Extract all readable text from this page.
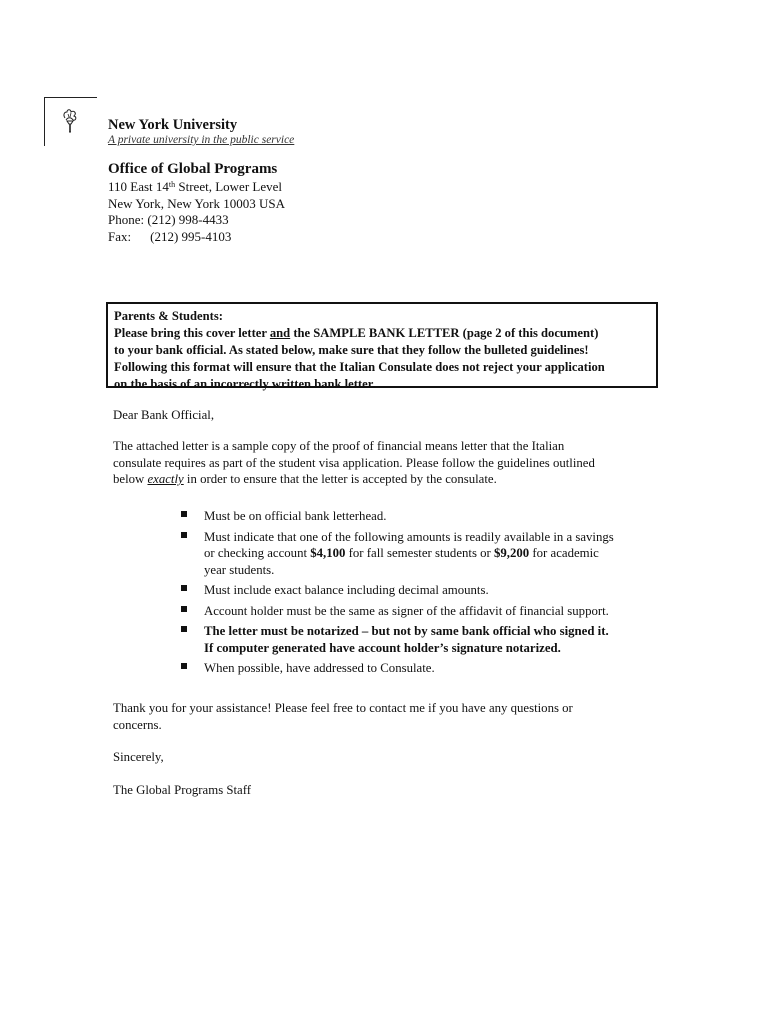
New York University
A private university in the public service
Office of Global Programs
110 East 14th Street, Lower Level
New York, New York 10003 USA
Phone: (212) 998-4433
Fax: (212) 995-4103
Parents & Students:
Please bring this cover letter and the SAMPLE BANK LETTER (page 2 of this document)
to your bank official. As stated below, make sure that they follow the bulleted guidelines!
Following this format will ensure that the Italian Consulate does not reject your application
on the basis of an incorrectly written bank letter.
Dear Bank Official,
The attached letter is a sample copy of the proof of financial means letter that the Italian
consulate requires as part of the student visa application. Please follow the guidelines outlined
below exactly in order to ensure that the letter is accepted by the consulate.
Must be on official bank letterhead.
Must indicate that one of the following amounts is readily available in a savings
or checking account $4,100 for fall semester students or $9,200 for academic
year students.
Must include exact balance including decimal amounts.
Account holder must be the same as signer of the affidavit of financial support.
The letter must be notarized – but not by same bank official who signed it.
If computer generated have account holder’s signature notarized.
When possible, have addressed to Consulate.
Thank you for your assistance! Please feel free to contact me if you have any questions or
concerns.
Sincerely,
The Global Programs Staff
